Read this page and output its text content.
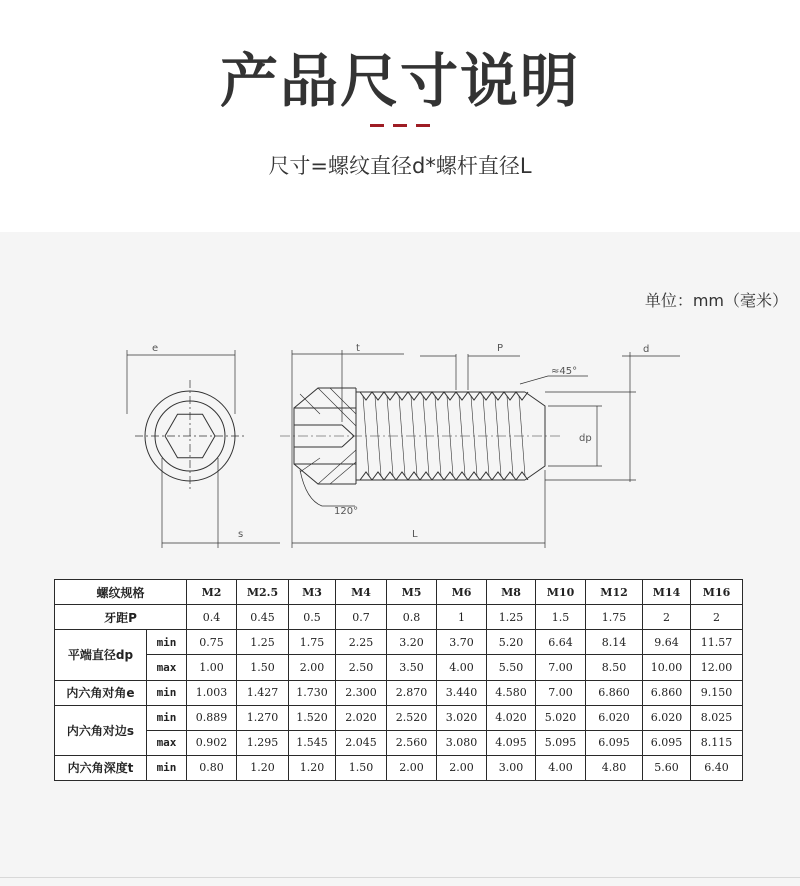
产品尺寸说明
尺寸=螺纹直径d*螺杆直径L
单位：mm（毫米）
e	t	P	d
≈45°
dp
120°
s	L
螺纹规格		M2	M2.5	M3	M4	M5	M6	M8	M10	M12	M14	M16
牙距P		0.4	0.45	0.5	0.7	0.8	1	1.25	1.5	1.75	2	2
平端直径dp	min	0.75	1.25	1.75	2.25	3.20	3.70	5.20	6.64	8.14	9.64	11.57
	max	1.00	1.50	2.00	2.50	3.50	4.00	5.50	7.00	8.50	10.00	12.00
内六角对角e	min	1.003	1.427	1.730	2.300	2.870	3.440	4.580	7.00	6.860	6.860	9.150
内六角对边s	min	0.889	1.270	1.520	2.020	2.520	3.020	4.020	5.020	6.020	6.020	8.025
	max	0.902	1.295	1.545	2.045	2.560	3.080	4.095	5.095	6.095	6.095	8.115
内六角深度t	min	0.80	1.20	1.20	1.50	2.00	2.00	3.00	4.00	4.80	5.60	6.40
